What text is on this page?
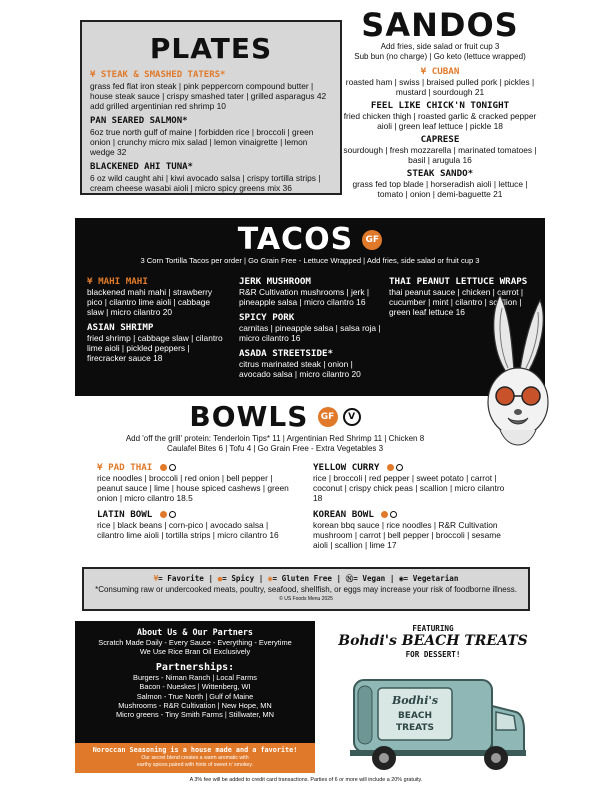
PLATES
¥ STEAK & SMASHED TATERS*
grass fed flat iron steak | pink peppercorn compound butter | house steak sauce | crispy smashed tater | grilled asparagus 42 add grilled argentinian red shrimp 10
PAN SEARED SALMON*
6oz true north gulf of maine | forbidden rice | broccoli | green onion | crunchy micro mix salad | lemon vinaigrette | lemon wedge 32
BLACKENED AHI TUNA*
6 oz wild caught ahi | kiwi avocado salsa | crispy tortilla strips | cream cheese wasabi aioli | micro spicy greens mix 36
SANDOS
Add fries, side salad or fruit cup 3
Sub bun (no charge) | Go keto (lettuce wrapped)
¥ CUBAN
roasted ham | swiss | braised pulled pork | pickles | mustard | sourdough 21
FEEL LIKE CHICK'N TONIGHT
fried chicken thigh | roasted garlic & cracked pepper aioli | green leaf lettuce | pickle 18
CAPRESE
sourdough | fresh mozzarella | marinated tomatoes | basil | arugula 16
STEAK SANDO*
grass fed top blade | horseradish aioli | lettuce | tomato | onion | demi-baguette 21
TACOS GF
3 Corn Tortilla Tacos per order | Go Grain Free - Lettuce Wrapped | Add fries, side salad or fruit cup 3
¥ MAHI MAHI
blackened mahi mahi | strawberry pico | cilantro lime aioli | cabbage slaw | micro cilantro 20
ASIAN SHRIMP
fried shrimp | cabbage slaw | cilantro lime aioli | pickled peppers | firecracker sauce 18
JERK MUSHROOM
R&R Cultivation mushrooms | jerk | pineapple salsa | micro cilantro 16
SPICY PORK
carnitas | pineapple salsa | salsa roja | micro cilantro 16
ASADA STREETSIDE*
citrus marinated steak | onion | avocado salsa | micro cilantro 20
THAI PEANUT LETTUCE WRAPS
thai peanut sauce | chicken | carrot | cucumber | mint | cilantro | scallion | green leaf lettuce 16
BOWLS GF V
Add 'off the grill' protein: Tenderloin Tips* 11 | Argentinian Red Shrimp 11 | Chicken 8
Caulafel Bites 6 | Tofu 4 | Go Grain Free - Extra Vegetables 3
¥ PAD THAI
rice noodles | broccoli | red onion | bell pepper | peanut sauce | lime | house spiced cashews | green onion | micro cilantro 18.5
LATIN BOWL
rice | black beans | corn-pico | avocado salsa | cilantro lime aioli | tortilla strips | micro cilantro 16
YELLOW CURRY
rice | broccoli | red pepper | sweet potato | carrot | coconut | crispy chick peas | scallion | micro cilantro 18
KOREAN BOWL
korean bbq sauce | rice noodles | R&R Cultivation mushroom | carrot | bell pepper | broccoli | sesame aioli | scallion | lime 17
¥= Favorite | ●= Spicy | ◉= Gluten Free | Ⓝ= Vegan | ◉= Vegetarian
*Consuming raw or undercooked meats, poultry, seafood, shellfish, or eggs may increase your risk of foodborne illness.
© US Foods Menu 2025
About Us & Our Partners
Scratch Made Daily - Every Sauce - Everything - Everytime
We Use Rice Bran Oil Exclusively
Partnerships:
Burgers - Niman Ranch | Local Farms
Bacon - Nueskes | Wittenberg, WI
Salmon - True North | Gulf of Maine
Mushrooms - R&R Cultivation | New Hope, MN
Micro greens - Tiny Smith Farms | Stillwater, MN
Noroccan Seasoning is a house made and a favorite!
Our secret blend creates a warm aromatic with
earthy spices paired with hints of sweet n' smokey.
FEATURING
Bohdi's BEACH TREATS
FOR DESSERT!
Bodhi's
BEACH
TREATS
A 3% fee will be added to credit card transactions. Parties of 6 or more will include a 20% gratuity.
